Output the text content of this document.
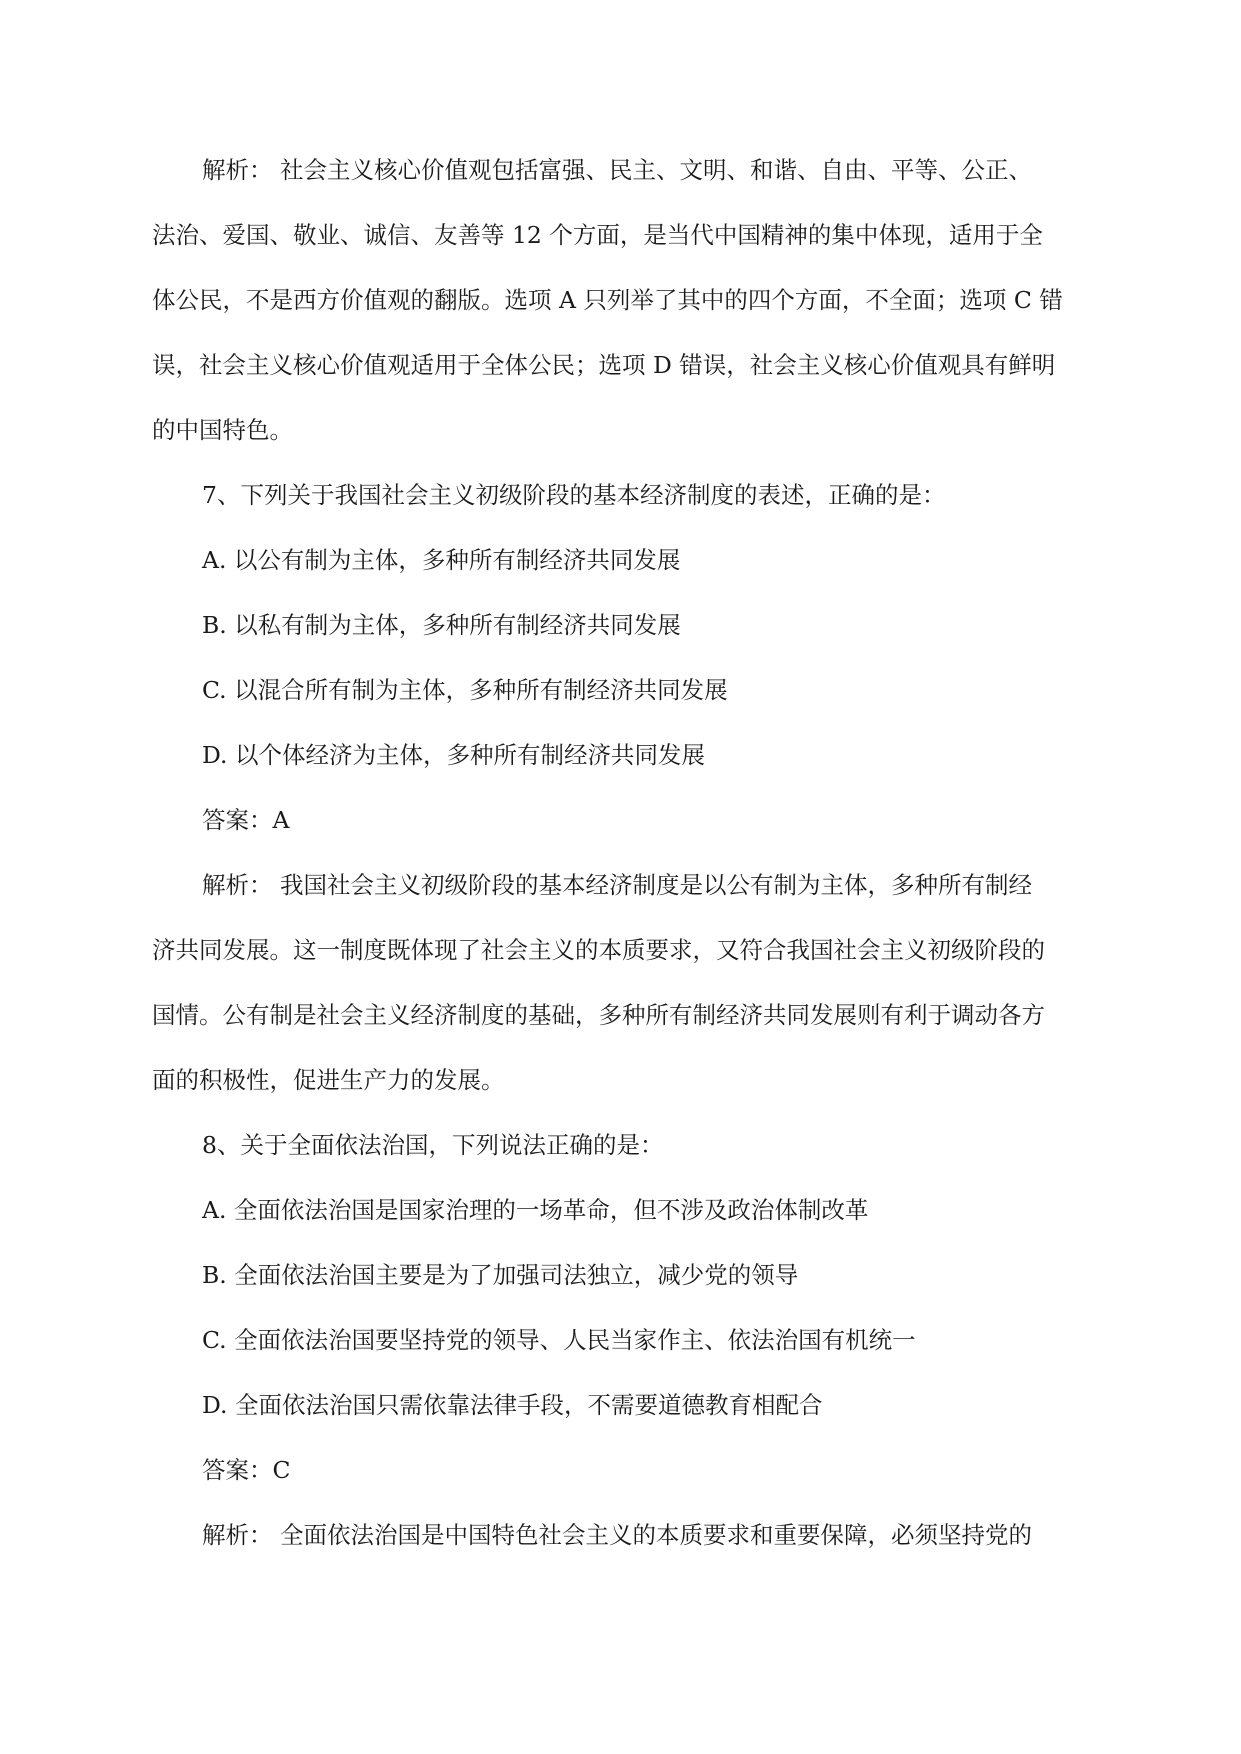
解析： 社会主义核心价值观包括富强、民主、文明、和谐、自由、平等、公正、
法治、爱国、敬业、诚信、友善等 12 个方面，是当代中国精神的集中体现，适用于全
体公民，不是西方价值观的翻版。选项 A 只列举了其中的四个方面，不全面；选项 C 错
误，社会主义核心价值观适用于全体公民；选项 D 错误，社会主义核心价值观具有鲜明
的中国特色。

7、下列关于我国社会主义初级阶段的基本经济制度的表述，正确的是：

A. 以公有制为主体，多种所有制经济共同发展

B. 以私有制为主体，多种所有制经济共同发展

C. 以混合所有制为主体，多种所有制经济共同发展

D. 以个体经济为主体，多种所有制经济共同发展

答案：A

解析： 我国社会主义初级阶段的基本经济制度是以公有制为主体，多种所有制经
济共同发展。这一制度既体现了社会主义的本质要求，又符合我国社会主义初级阶段的
国情。公有制是社会主义经济制度的基础，多种所有制经济共同发展则有利于调动各方
面的积极性，促进生产力的发展。

8、关于全面依法治国，下列说法正确的是：

A. 全面依法治国是国家治理的一场革命，但不涉及政治体制改革

B. 全面依法治国主要是为了加强司法独立，减少党的领导

C. 全面依法治国要坚持党的领导、人民当家作主、依法治国有机统一

D. 全面依法治国只需依靠法律手段，不需要道德教育相配合

答案：C

解析： 全面依法治国是中国特色社会主义的本质要求和重要保障，必须坚持党的
